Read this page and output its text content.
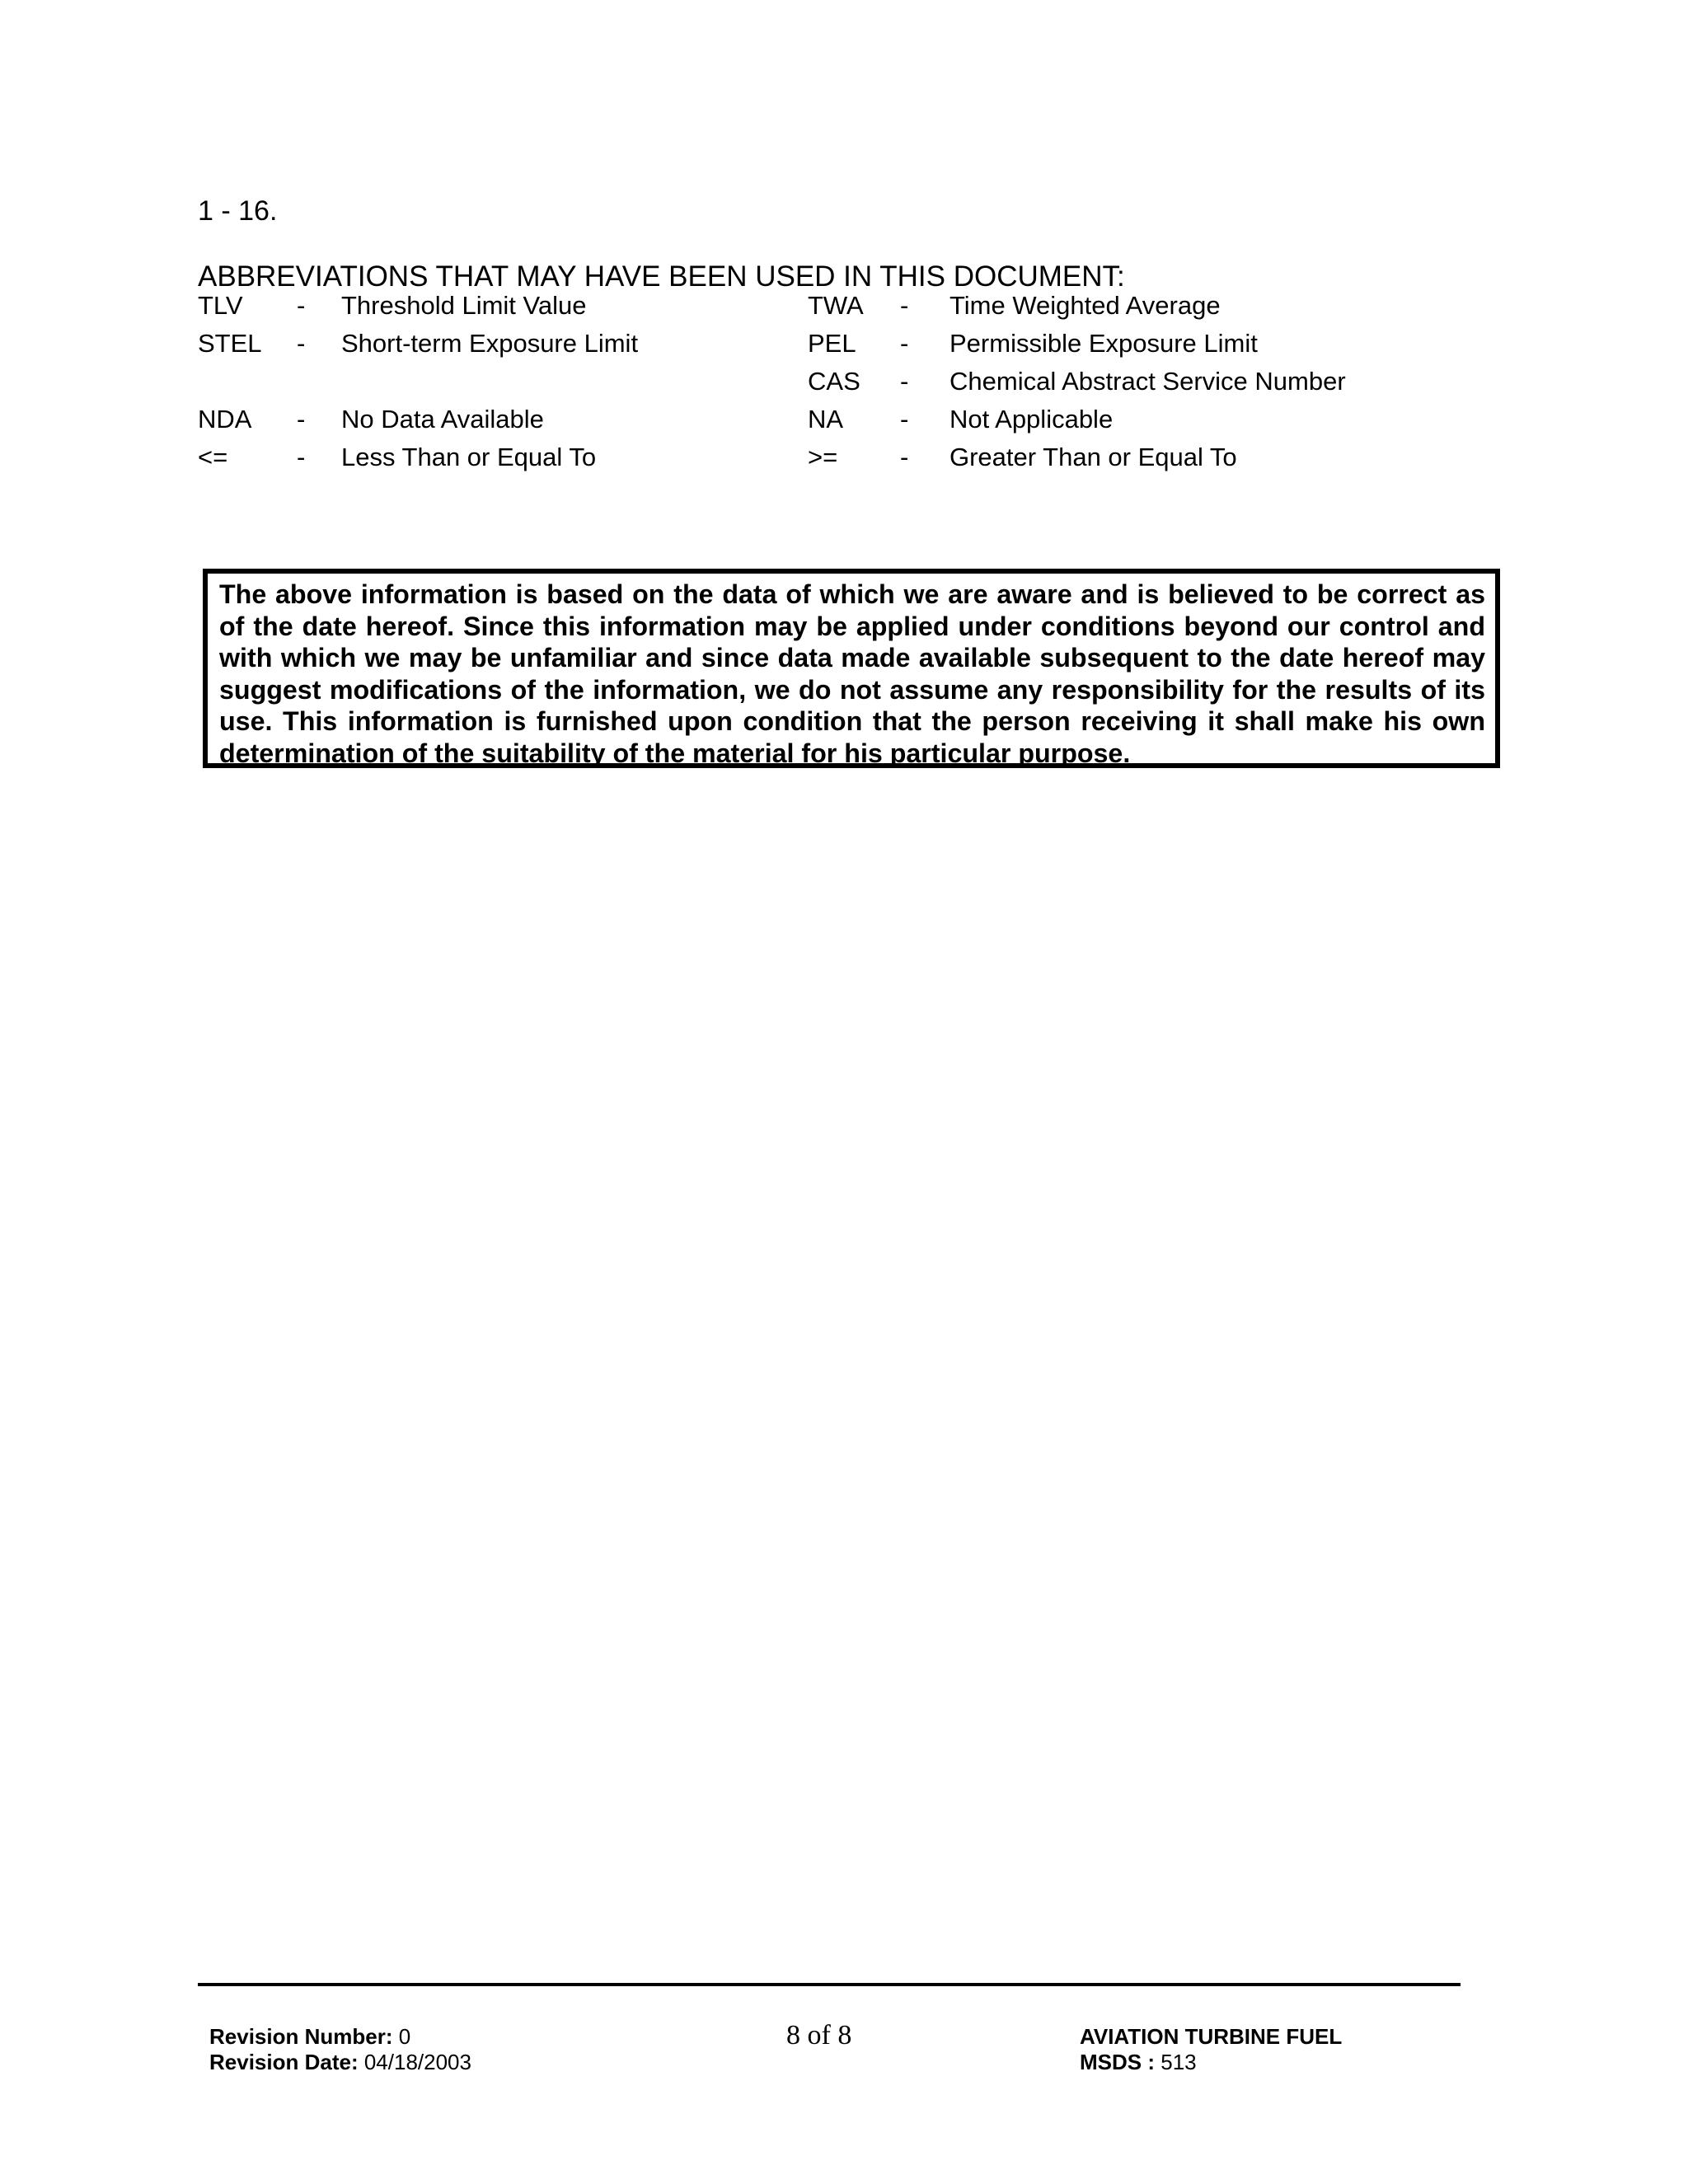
1 - 16.
ABBREVIATIONS THAT MAY HAVE BEEN USED IN THIS DOCUMENT:
TLV - Threshold Limit Value
STEL - Short-term Exposure Limit
NDA - No Data Available
<=	- Less Than or Equal To
TWA - Time Weighted Average
PEL - Permissible Exposure Limit
CAS - Chemical Abstract Service Number
NA - Not Applicable
>= - Greater Than or Equal To

The above information is based on the data of which we are aware and is believed to be correct as of the date hereof. Since this information may be applied under conditions beyond our control and with which we may be unfamiliar and since data made available subsequent to the date hereof may suggest modifications of the information, we do not assume any responsibility for the results of its use. This information is furnished upon condition that the person receiving it shall make his own determination of the suitability of the material for his particular purpose.

Revision Number: 0
Revision Date: 04/18/2003
8 of 8	AVIATION TURBINE FUEL
MSDS : 513
